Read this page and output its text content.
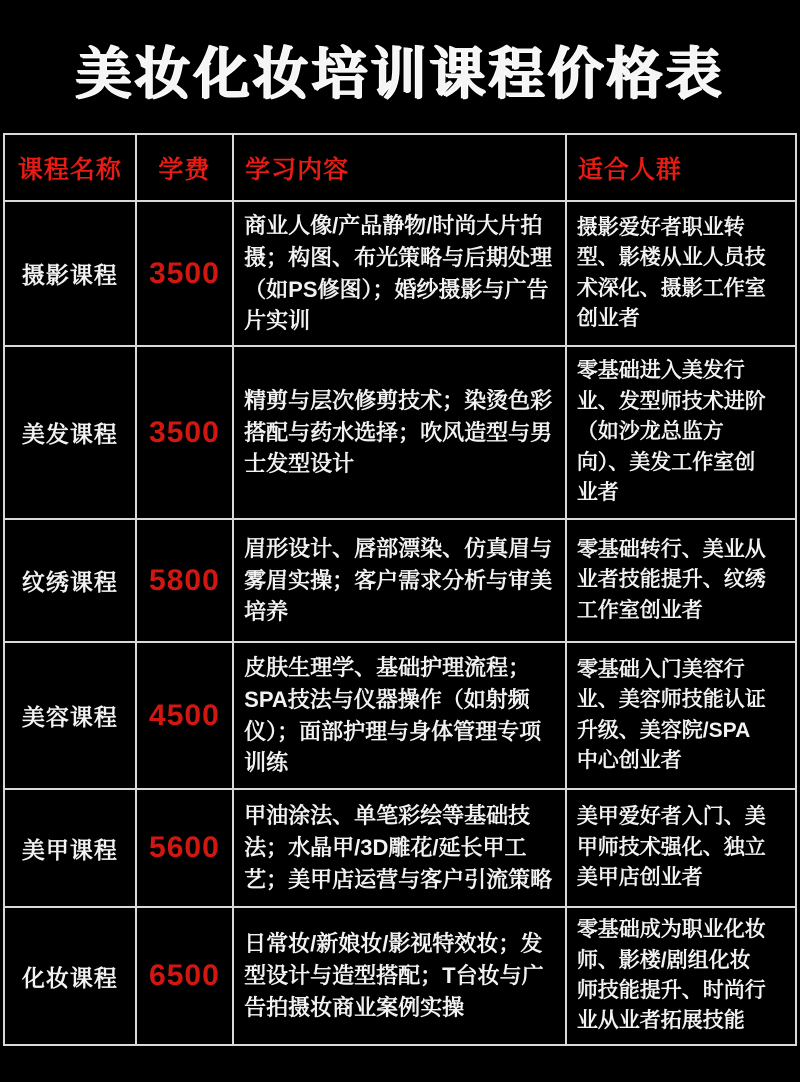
美妆化妆培训课程价格表
课程名称	学费	学习内容	适合人群
摄影课程	3500	商业人像/产品静物/时尚大片拍摄；构图、布光策略与后期处理（如PS修图）；婚纱摄影与广告片实训	摄影爱好者职业转型、影楼从业人员技术深化、摄影工作室创业者
美发课程	3500	精剪与层次修剪技术；染烫色彩搭配与药水选择；吹风造型与男士发型设计	零基础进入美发行业、发型师技术进阶（如沙龙总监方向）、美发工作室创业者
纹绣课程	5800	眉形设计、唇部漂染、仿真眉与雾眉实操；客户需求分析与审美培养	零基础转行、美业从业者技能提升、纹绣工作室创业者
美容课程	4500	皮肤生理学、基础护理流程；SPA技法与仪器操作（如射频仪）；面部护理与身体管理专项训练	零基础入门美容行业、美容师技能认证升级、美容院/SPA中心创业者
美甲课程	5600	甲油涂法、单笔彩绘等基础技法；水晶甲/3D雕花/延长甲工艺；美甲店运营与客户引流策略	美甲爱好者入门、美甲师技术强化、独立美甲店创业者
化妆课程	6500	日常妆/新娘妆/影视特效妆；发型设计与造型搭配；T台妆与广告拍摄妆商业案例实操	零基础成为职业化妆师、影楼/剧组化妆师技能提升、时尚行业从业者拓展技能
